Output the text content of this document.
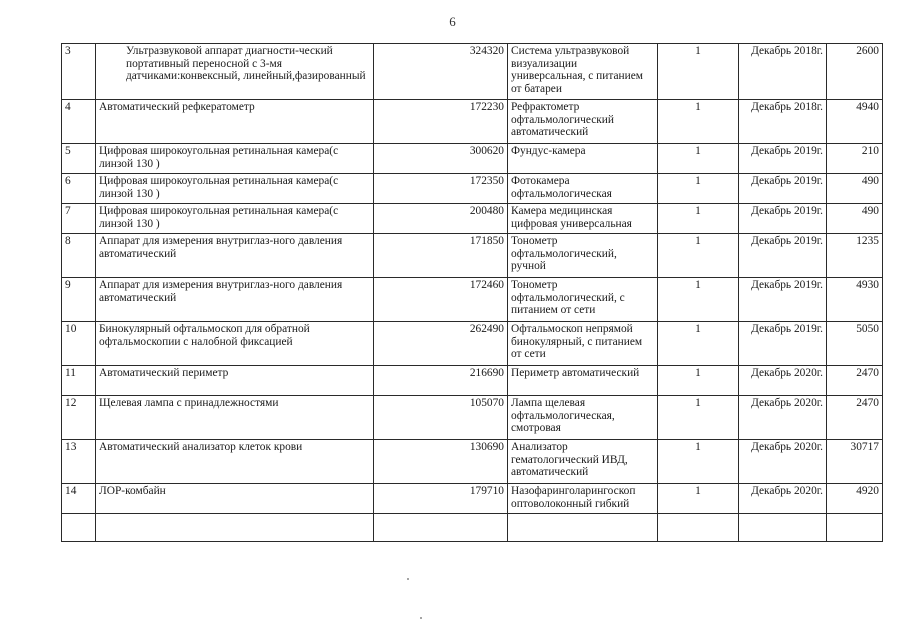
6
3	Ультразвуковой аппарат диагности-ческий портативный переносной с 3-мя датчиками:конвексный, линейный,фазированный	324320	Система ультразвуковой визуализации универсальная, с питанием от батареи	1	Декабрь 2018г.	2600
4	Автоматический рефкератометр	172230	Рефрактометр офтальмологический автоматический	1	Декабрь 2018г.	4940
5	Цифровая широкоугольная ретинальная камера(с линзой 130 )	300620	Фундус-камера	1	Декабрь 2019г.	210
6	Цифровая широкоугольная ретинальная камера(с линзой 130 )	172350	Фотокамера офтальмологическая	1	Декабрь 2019г.	490
7	Цифровая широкоугольная ретинальная камера(с линзой 130 )	200480	Камера медицинская цифровая универсальная	1	Декабрь 2019г.	490
8	Аппарат для измерения внутриглаз-ного давления автоматический	171850	Тонометр офтальмологический, ручной	1	Декабрь 2019г.	1235
9	Аппарат для измерения внутриглаз-ного давления автоматический	172460	Тонометр офтальмологический, с питанием от сети	1	Декабрь 2019г.	4930
10	Бинокулярный офтальмоскоп для обратной офтальмоскопии с налобной фиксацией	262490	Офтальмоскоп непрямой бинокулярный, с питанием от сети	1	Декабрь 2019г.	5050
11	Автоматический периметр	216690	Периметр автоматический	1	Декабрь 2020г.	2470
12	Щелевая лампа с принадлежностями	105070	Лампа щелевая офтальмологическая, смотровая	1	Декабрь 2020г.	2470
13	Автоматический анализатор клеток крови	130690	Анализатор гематологический ИВД, автоматический	1	Декабрь 2020г.	30717
14	ЛОР-комбайн	179710	Назофаринголарингоскоп оптоволоконный гибкий	1	Декабрь 2020г.	4920
